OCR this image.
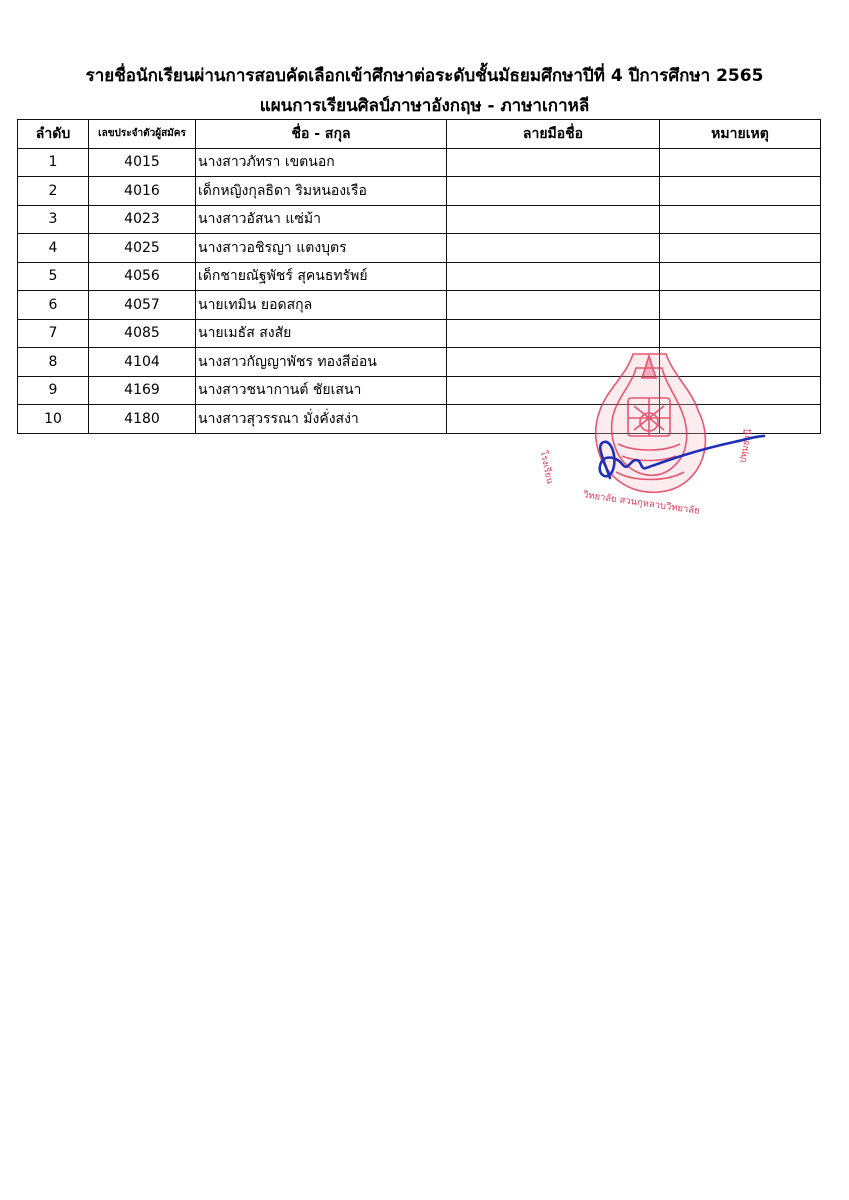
รายชื่อนักเรียนผ่านการสอบคัดเลือกเข้าศึกษาต่อระดับชั้นมัธยมศึกษาปีที่ 4 ปีการศึกษา 2565
แผนการเรียนศิลป์ภาษาอังกฤษ - ภาษาเกาหลี
ลำดับ	เลขประจำตัวผู้สมัคร	ชื่อ - สกุล	ลายมือชื่อ	หมายเหตุ
1	4015	นางสาวภัทรา เขตนอก		
2	4016	เด็กหญิงกุลธิดา ริมหนองเรือ		
3	4023	นางสาวอัสนา แซ่ม้า		
4	4025	นางสาวอชิรญา แตงบุตร		
5	4056	เด็กชายณัฐพัชร์ สุคนธทรัพย์		
6	4057	นายเทมิน ยอดสกุล		
7	4085	นายเมธัส สงสัย		
8	4104	นางสาวกัญญาพัชร ทองสีอ่อน		
9	4169	นางสาวชนากานต์ ชัยเสนา		
10	4180	นางสาวสุวรรณา มั่งคั่งสง่า		
โรงเรียน
วิทยาลัย สวนกุหลาบวิทยาลัย
ปทุมธานี
